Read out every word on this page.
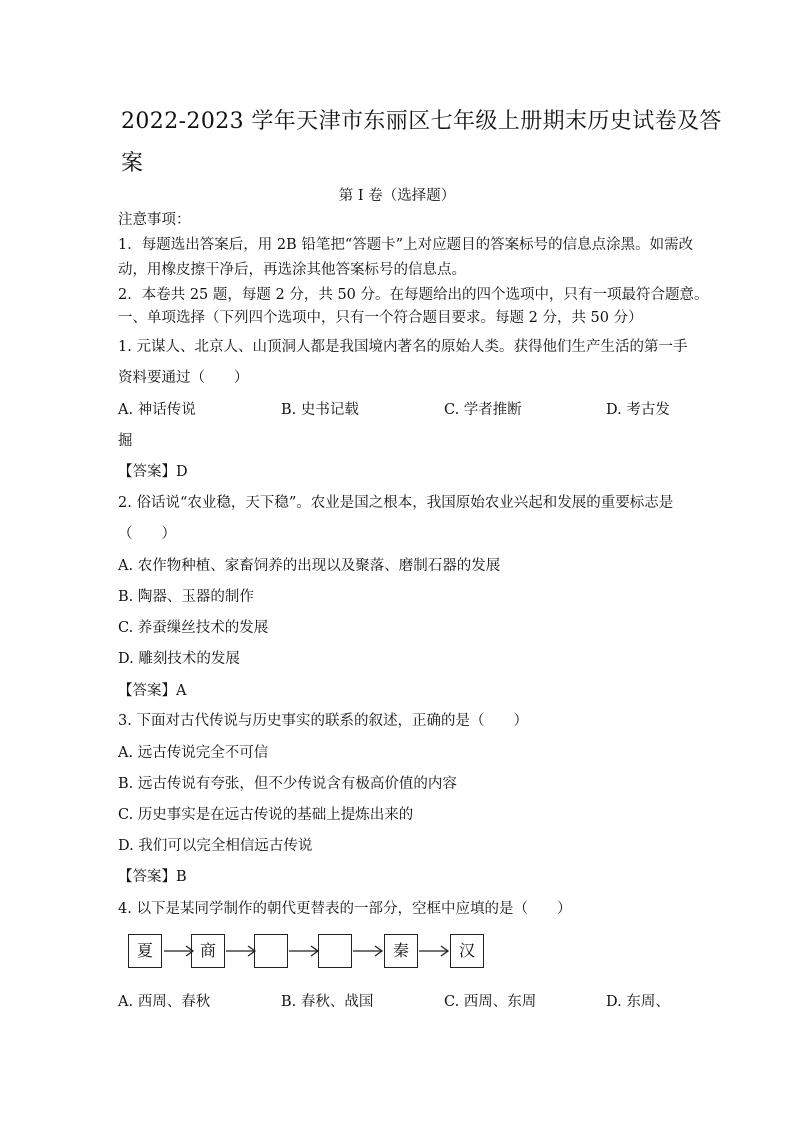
2022-2023 学年天津市东丽区七年级上册期末历史试卷及答
案
第 I 卷（选择题）
注意事项：
1．每题选出答案后，用 2B 铅笔把“答题卡”上对应题目的答案标号的信息点涂黑。如需改
动，用橡皮擦干净后，再选涂其他答案标号的信息点。
2．本卷共 25 题，每题 2 分，共 50 分。在每题给出的四个选项中，只有一项最符合题意。
一、单项选择（下列四个选项中，只有一个符合题目要求。每题 2 分，共 50 分）
1. 元谋人、北京人、山顶洞人都是我国境内著名的原始人类。获得他们生产生活的第一手
资料要通过（　　）
A. 神话传说	B. 史书记载	C. 学者推断	D. 考古发
掘
【答案】D
2. 俗话说“农业稳，天下稳”。农业是国之根本，我国原始农业兴起和发展的重要标志是
（　　）
A. 农作物种植、家畜饲养的出现以及聚落、磨制石器的发展
B. 陶器、玉器的制作
C. 养蚕缫丝技术的发展
D. 雕刻技术的发展
【答案】A
3. 下面对古代传说与历史事实的联系的叙述，正确的是（　　）
A. 远古传说完全不可信
B. 远古传说有夸张，但不少传说含有极高价值的内容
C. 历史事实是在远古传说的基础上提炼出来的
D. 我们可以完全相信远古传说
【答案】B
4. 以下是某同学制作的朝代更替表的一部分，空框中应填的是（　　）
夏	商	秦	汉
A. 西周、春秋	B. 春秋、战国	C. 西周、东周	D. 东周、
